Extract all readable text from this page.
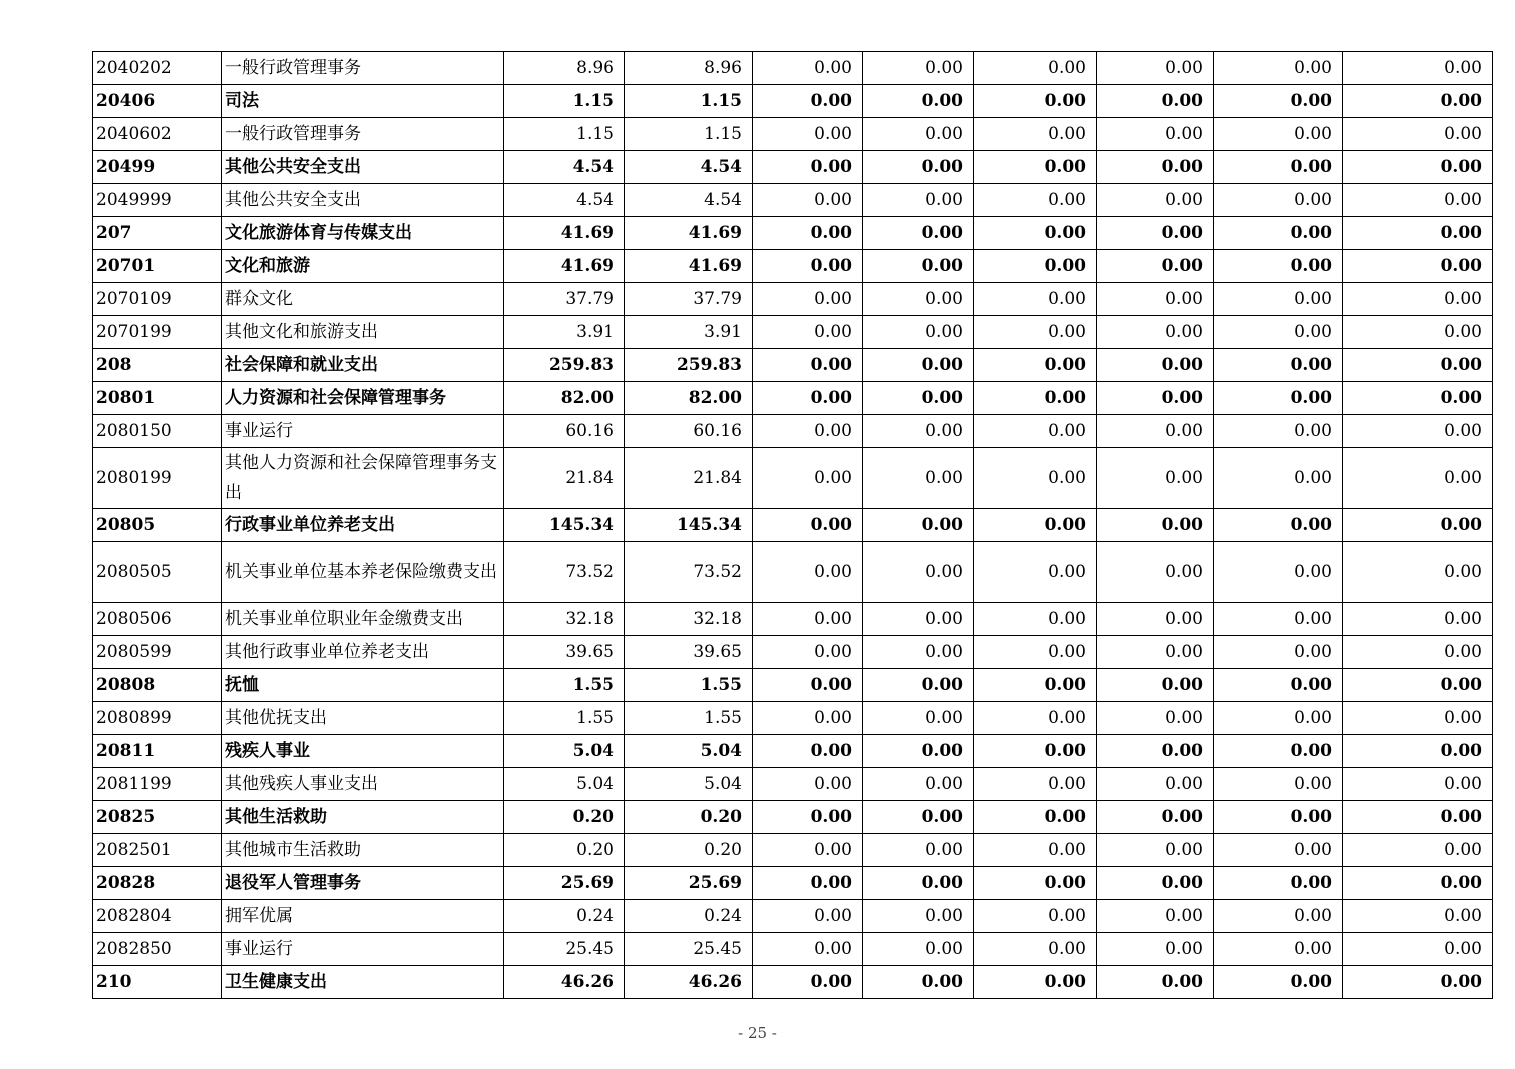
2040202	一般行政管理事务	8.96	8.96	0.00	0.00	0.00	0.00	0.00	0.00
20406	司法	1.15	1.15	0.00	0.00	0.00	0.00	0.00	0.00
2040602	一般行政管理事务	1.15	1.15	0.00	0.00	0.00	0.00	0.00	0.00
20499	其他公共安全支出	4.54	4.54	0.00	0.00	0.00	0.00	0.00	0.00
2049999	其他公共安全支出	4.54	4.54	0.00	0.00	0.00	0.00	0.00	0.00
207	文化旅游体育与传媒支出	41.69	41.69	0.00	0.00	0.00	0.00	0.00	0.00
20701	文化和旅游	41.69	41.69	0.00	0.00	0.00	0.00	0.00	0.00
2070109	群众文化	37.79	37.79	0.00	0.00	0.00	0.00	0.00	0.00
2070199	其他文化和旅游支出	3.91	3.91	0.00	0.00	0.00	0.00	0.00	0.00
208	社会保障和就业支出	259.83	259.83	0.00	0.00	0.00	0.00	0.00	0.00
20801	人力资源和社会保障管理事务	82.00	82.00	0.00	0.00	0.00	0.00	0.00	0.00
2080150	事业运行	60.16	60.16	0.00	0.00	0.00	0.00	0.00	0.00
2080199	其他人力资源和社会保障管理事务支出	21.84	21.84	0.00	0.00	0.00	0.00	0.00	0.00
20805	行政事业单位养老支出	145.34	145.34	0.00	0.00	0.00	0.00	0.00	0.00
2080505	机关事业单位基本养老保险缴费支出	73.52	73.52	0.00	0.00	0.00	0.00	0.00	0.00
2080506	机关事业单位职业年金缴费支出	32.18	32.18	0.00	0.00	0.00	0.00	0.00	0.00
2080599	其他行政事业单位养老支出	39.65	39.65	0.00	0.00	0.00	0.00	0.00	0.00
20808	抚恤	1.55	1.55	0.00	0.00	0.00	0.00	0.00	0.00
2080899	其他优抚支出	1.55	1.55	0.00	0.00	0.00	0.00	0.00	0.00
20811	残疾人事业	5.04	5.04	0.00	0.00	0.00	0.00	0.00	0.00
2081199	其他残疾人事业支出	5.04	5.04	0.00	0.00	0.00	0.00	0.00	0.00
20825	其他生活救助	0.20	0.20	0.00	0.00	0.00	0.00	0.00	0.00
2082501	其他城市生活救助	0.20	0.20	0.00	0.00	0.00	0.00	0.00	0.00
20828	退役军人管理事务	25.69	25.69	0.00	0.00	0.00	0.00	0.00	0.00
2082804	拥军优属	0.24	0.24	0.00	0.00	0.00	0.00	0.00	0.00
2082850	事业运行	25.45	25.45	0.00	0.00	0.00	0.00	0.00	0.00
210	卫生健康支出	46.26	46.26	0.00	0.00	0.00	0.00	0.00	0.00
- 25 -
